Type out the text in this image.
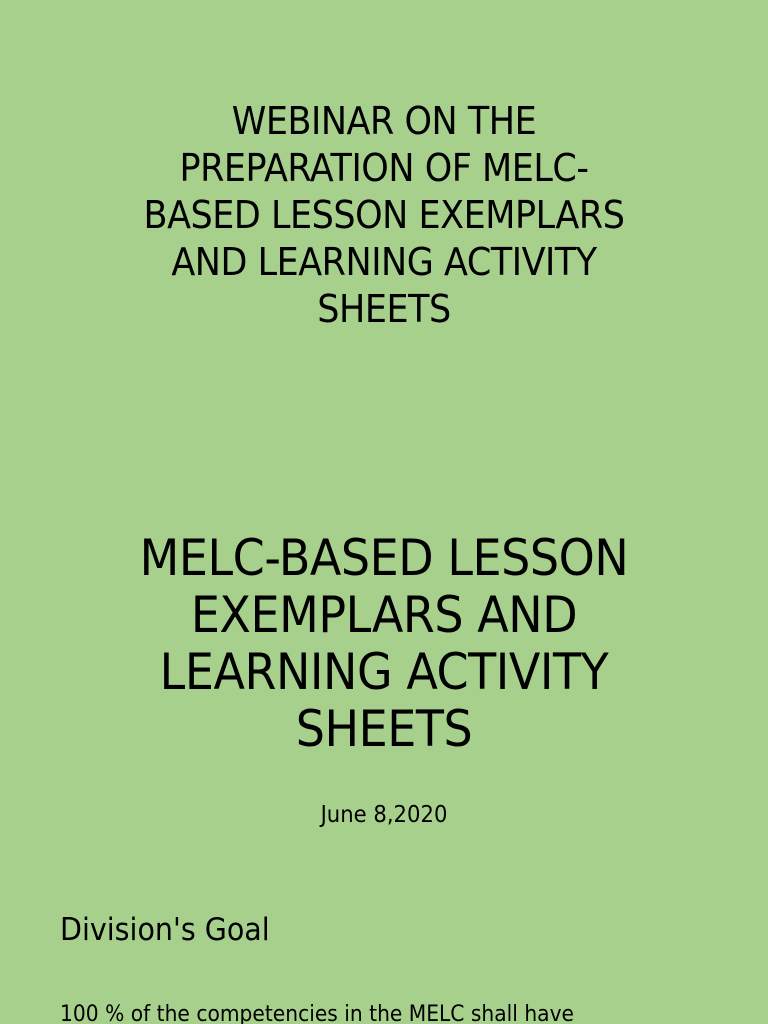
WEBINAR ON THE
PREPARATION OF MELC-
BASED LESSON EXEMPLARS
AND LEARNING ACTIVITY
SHEETS
MELC-BASED LESSON
EXEMPLARS AND
LEARNING ACTIVITY
SHEETS
June 8,2020
Division's Goal
100 % of the competencies in the MELC shall have
